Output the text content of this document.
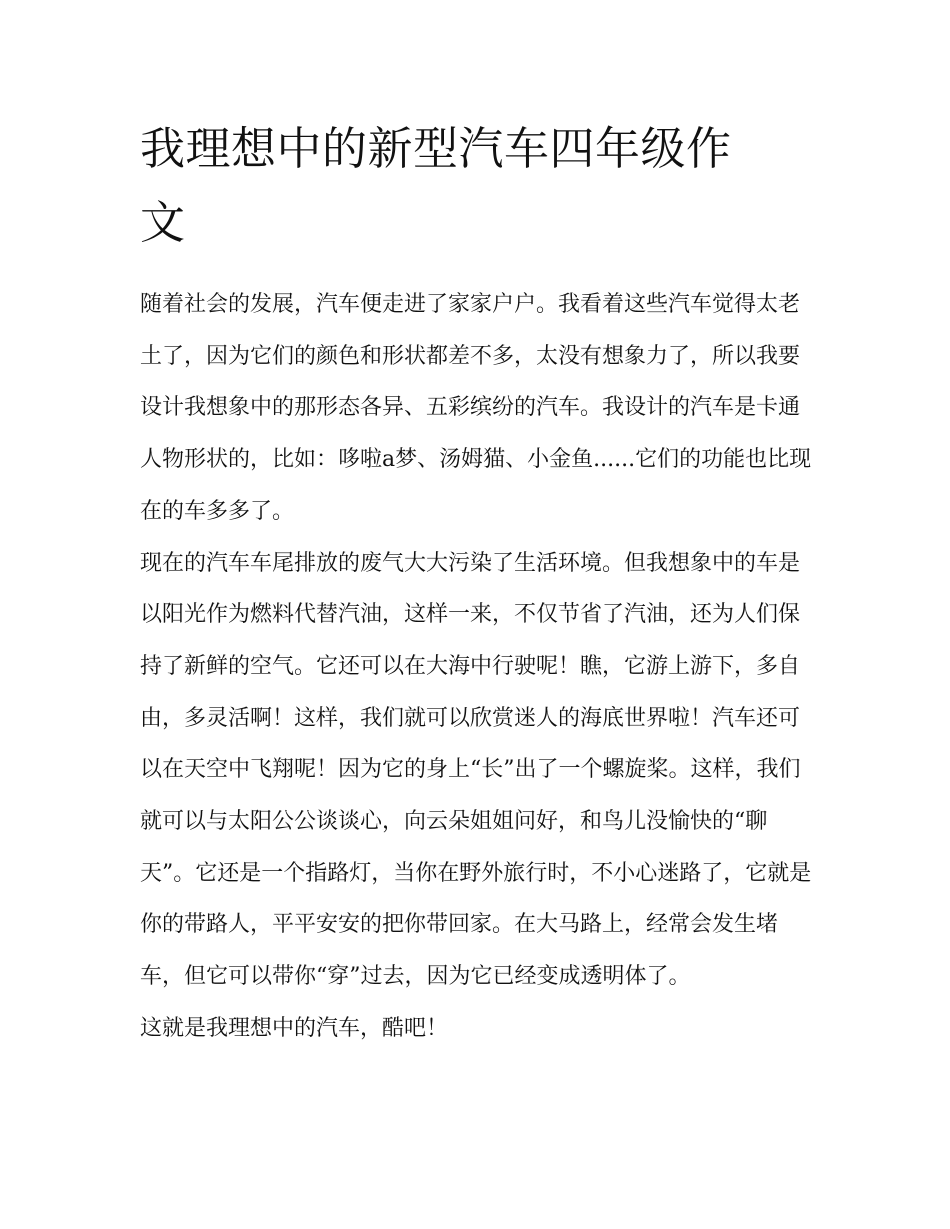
我理想中的新型汽车四年级作
文

随着社会的发展，汽车便走进了家家户户。我看着这些汽车觉得太老土了，因为它们的颜色和形状都差不多，太没有想象力了，所以我要设计我想象中的那形态各异、五彩缤纷的汽车。我设计的汽车是卡通人物形状的，比如：哆啦a梦、汤姆猫、小金鱼......它们的功能也比现在的车多多了。

现在的汽车车尾排放的废气大大污染了生活环境。但我想象中的车是以阳光作为燃料代替汽油，这样一来，不仅节省了汽油，还为人们保持了新鲜的空气。它还可以在大海中行驶呢！瞧，它游上游下，多自由，多灵活啊！这样，我们就可以欣赏迷人的海底世界啦！汽车还可以在天空中飞翔呢！因为它的身上“长”出了一个螺旋桨。这样，我们就可以与太阳公公谈谈心，向云朵姐姐问好，和鸟儿没愉快的“聊天”。它还是一个指路灯，当你在野外旅行时，不小心迷路了，它就是你的带路人，平平安安的把你带回家。在大马路上，经常会发生堵车，但它可以带你“穿”过去，因为它已经变成透明体了。

这就是我理想中的汽车，酷吧！
